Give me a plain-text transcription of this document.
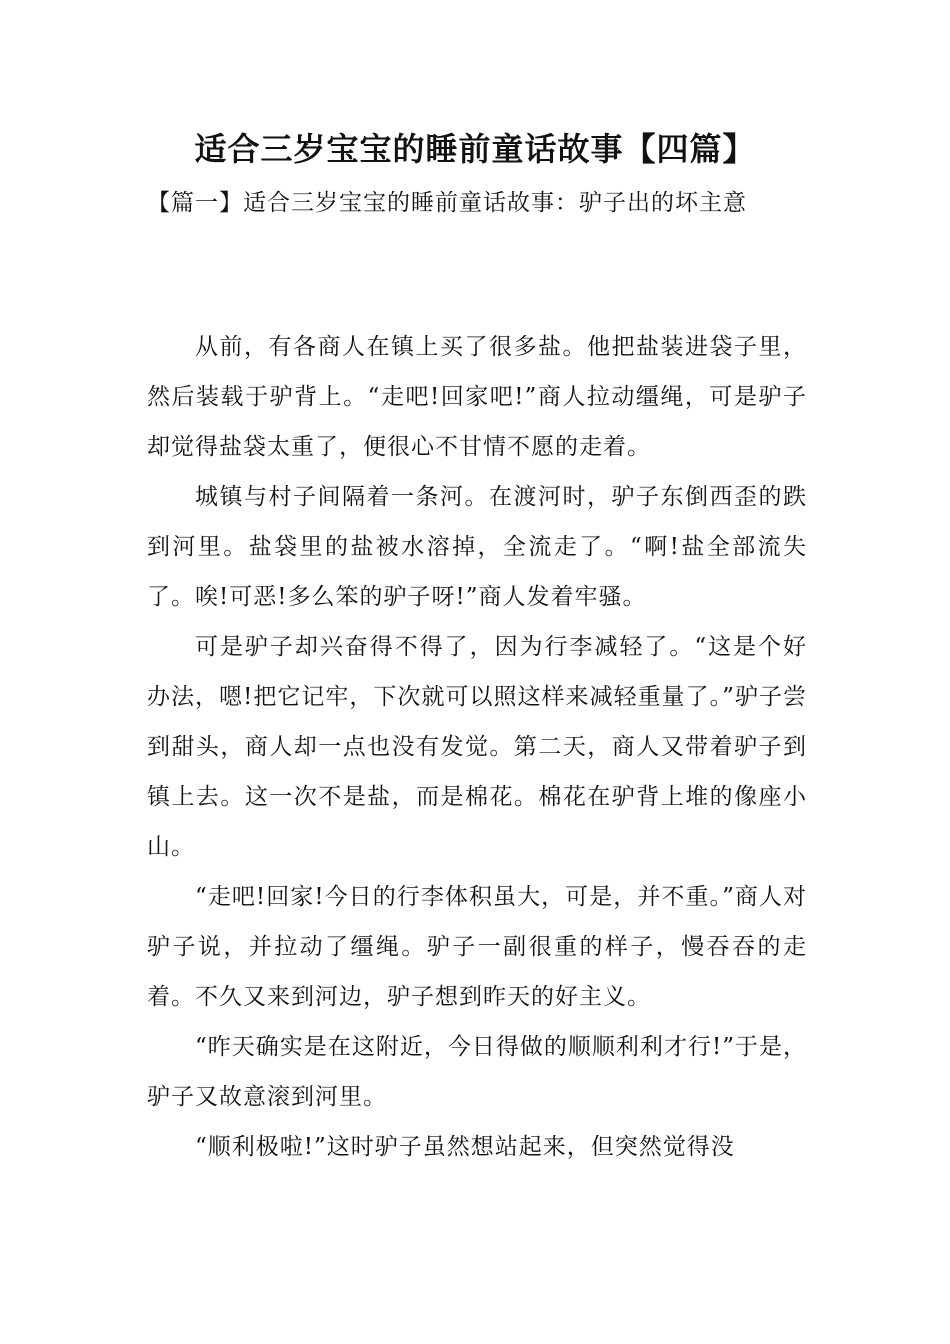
适合三岁宝宝的睡前童话故事【四篇】
【篇一】适合三岁宝宝的睡前童话故事：驴子出的坏主意

从前，有各商人在镇上买了很多盐。他把盐装进袋子里，然后装载于驴背上。“走吧!回家吧!”商人拉动缰绳，可是驴子却觉得盐袋太重了，便很心不甘情不愿的走着。

城镇与村子间隔着一条河。在渡河时，驴子东倒西歪的跌到河里。盐袋里的盐被水溶掉，全流走了。“啊!盐全部流失了。唉!可恶!多么笨的驴子呀!”商人发着牢骚。

可是驴子却兴奋得不得了，因为行李减轻了。“这是个好办法，嗯!把它记牢，下次就可以照这样来减轻重量了。”驴子尝到甜头，商人却一点也没有发觉。第二天，商人又带着驴子到镇上去。这一次不是盐，而是棉花。棉花在驴背上堆的像座小山。

“走吧!回家!今日的行李体积虽大，可是，并不重。”商人对驴子说，并拉动了缰绳。驴子一副很重的样子，慢吞吞的走着。不久又来到河边，驴子想到昨天的好主义。

“昨天确实是在这附近，今日得做的顺顺利利才行!”于是，驴子又故意滚到河里。

“顺利极啦!”这时驴子虽然想站起来，但突然觉得没
